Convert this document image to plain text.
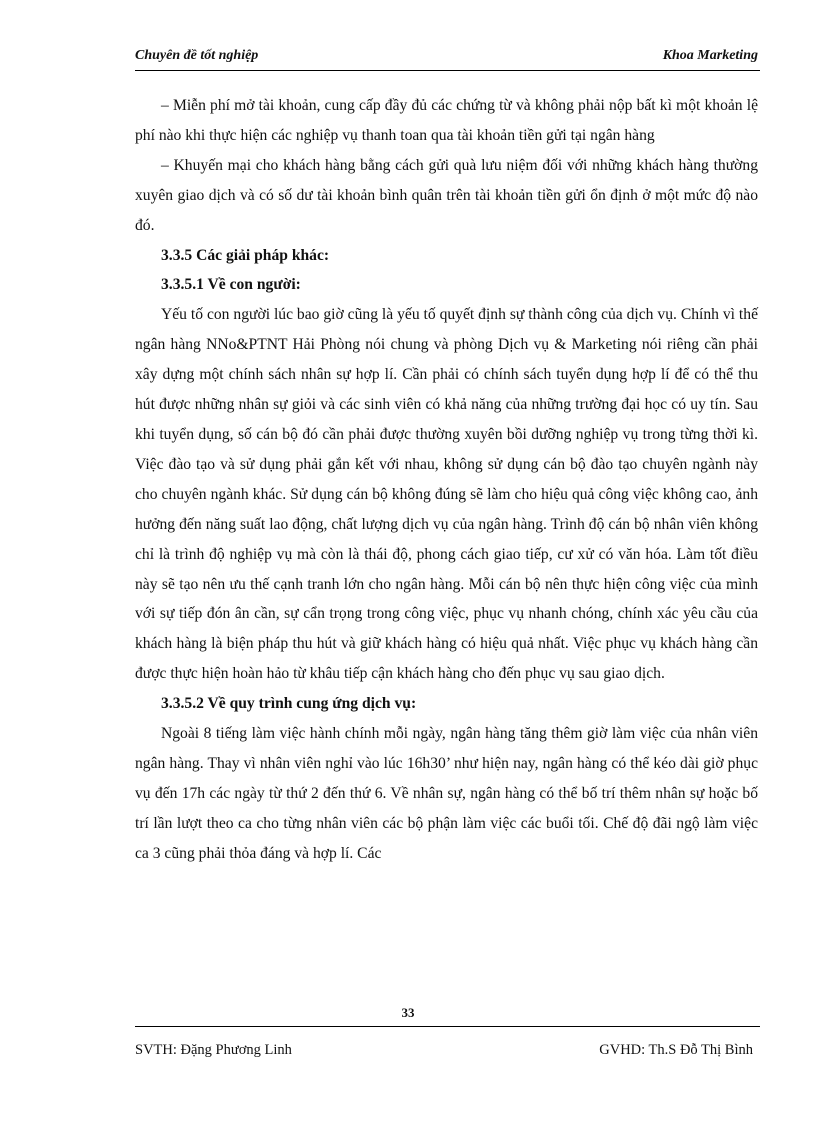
Chuyên đề tốt nghiệp	Khoa Marketing

– Miễn phí mở tài khoản, cung cấp đầy đủ các chứng từ và không phải nộp bất kì một khoản lệ phí nào khi thực hiện các nghiệp vụ thanh toan qua tài khoản tiền gửi tại ngân hàng

– Khuyến mại cho khách hàng bằng cách gửi quà lưu niệm đối với những khách hàng thường xuyên giao dịch và có số dư tài khoản bình quân trên tài khoản tiền gửi ổn định ở một mức độ nào đó.

3.3.5 Các giải pháp khác:
3.3.5.1 Về con người:

Yếu tố con người lúc bao giờ cũng là yếu tố quyết định sự thành công của dịch vụ. Chính vì thế ngân hàng NNo&PTNT Hải Phòng nói chung và phòng Dịch vụ & Marketing nói riêng cần phải xây dựng một chính sách nhân sự hợp lí. Cần phải có chính sách tuyển dụng hợp lí để có thể thu hút được những nhân sự giỏi và các sinh viên có khả năng của những trường đại học có uy tín. Sau khi tuyển dụng, số cán bộ đó cần phải được thường xuyên bồi dưỡng nghiệp vụ trong từng thời kì. Việc đào tạo và sử dụng phải gắn kết với nhau, không sử dụng cán bộ đào tạo chuyên ngành này cho chuyên ngành khác. Sử dụng cán bộ không đúng sẽ làm cho hiệu quả công việc không cao, ảnh hưởng đến năng suất lao động, chất lượng dịch vụ của ngân hàng. Trình độ cán bộ nhân viên không chỉ là trình độ nghiệp vụ mà còn là thái độ, phong cách giao tiếp, cư xử có văn hóa. Làm tốt điều này sẽ tạo nên ưu thế cạnh tranh lớn cho ngân hàng. Mỗi cán bộ nên thực hiện công việc của mình với sự tiếp đón ân cần, sự cẩn trọng trong công việc, phục vụ nhanh chóng, chính xác yêu cầu của khách hàng là biện pháp thu hút và giữ khách hàng có hiệu quả nhất. Việc phục vụ khách hàng cần được thực hiện hoàn hảo từ khâu tiếp cận khách hàng cho đến phục vụ sau giao dịch.

3.3.5.2 Về quy trình cung ứng dịch vụ:

Ngoài 8 tiếng làm việc hành chính mỗi ngày, ngân hàng tăng thêm giờ làm việc của nhân viên ngân hàng. Thay vì nhân viên nghỉ vào lúc 16h30’ như hiện nay, ngân hàng có thể kéo dài giờ phục vụ đến 17h các ngày từ thứ 2 đến thứ 6. Về nhân sự, ngân hàng có thể bố trí thêm nhân sự hoặc bố trí lần lượt theo ca cho từng nhân viên các bộ phận làm việc các buổi tối. Chế độ đãi ngộ làm việc ca 3 cũng phải thỏa đáng và hợp lí. Các

33
SVTH: Đặng Phương Linh	GVHD: Th.S Đỗ Thị Bình
